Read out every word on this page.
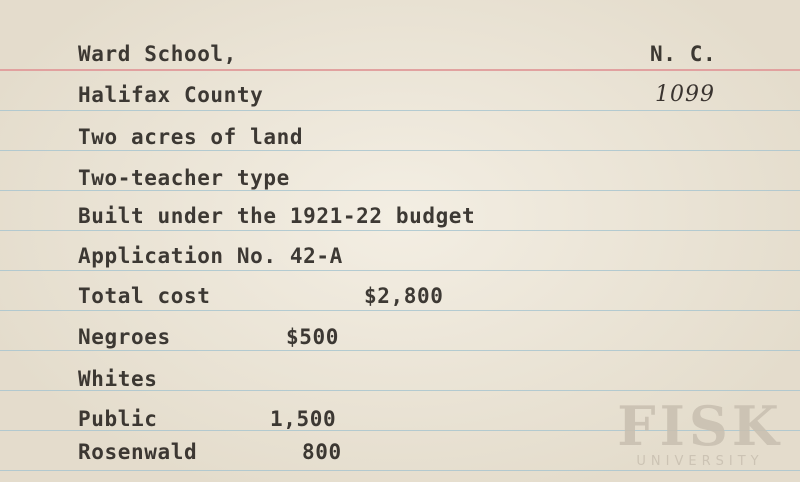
Ward School,	N. C.
Halifax County	1099
Two acres of land
Two-teacher type
Built under the 1921-22 budget
Application No. 42-A
Total cost	$2,800
Negroes	$500
Whites
Public	1,500
Rosenwald	800	FISK
UNIVERSITY
